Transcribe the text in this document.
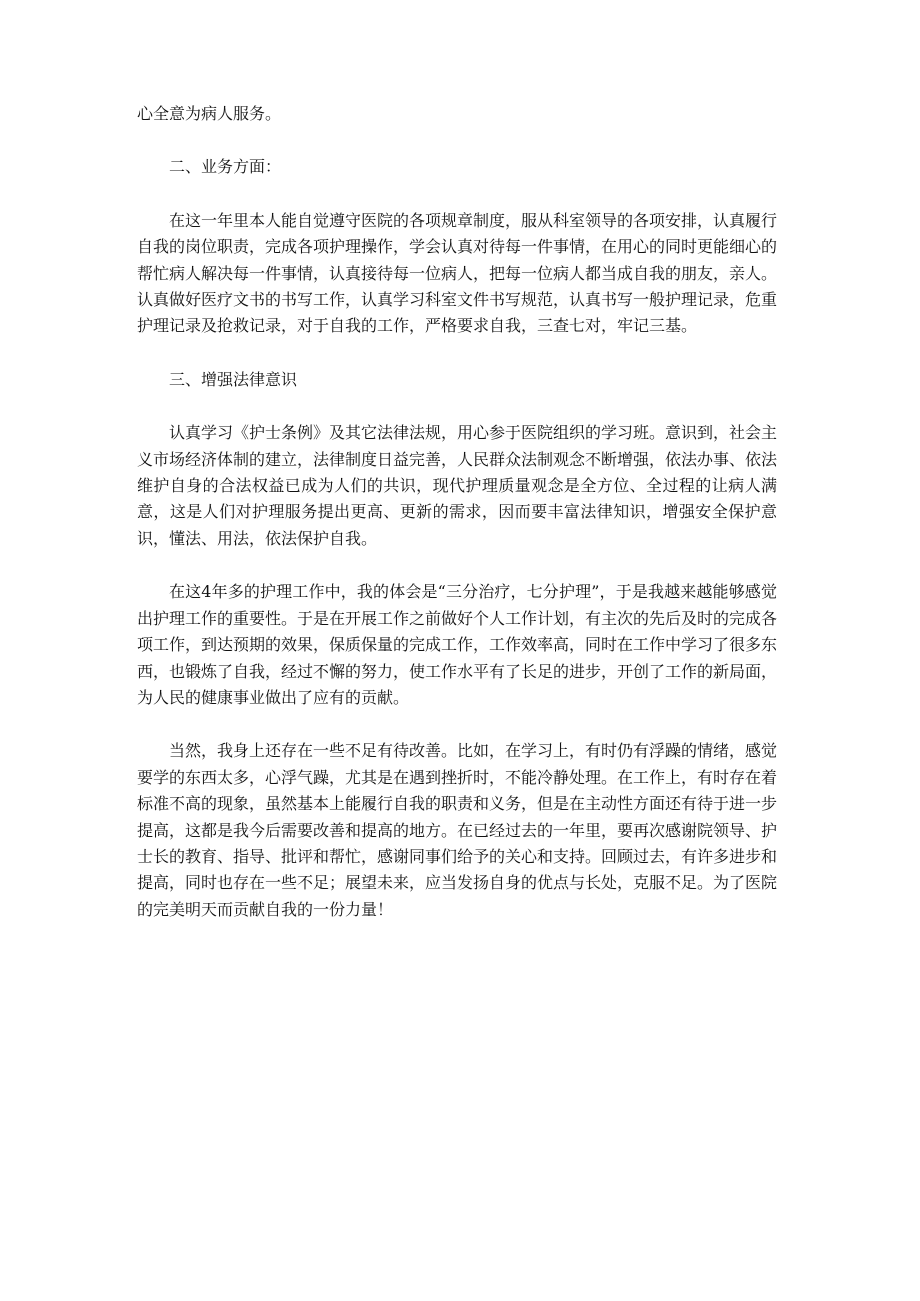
心全意为病人服务。

二、业务方面：

在这一年里本人能自觉遵守医院的各项规章制度，服从科室领导的各项安排，认真履行自我的岗位职责，完成各项护理操作，学会认真对待每一件事情，在用心的同时更能细心的帮忙病人解决每一件事情，认真接待每一位病人，把每一位病人都当成自我的朋友，亲人。认真做好医疗文书的书写工作，认真学习科室文件书写规范，认真书写一般护理记录，危重护理记录及抢救记录，对于自我的工作，严格要求自我，三查七对，牢记三基。

三、增强法律意识

认真学习《护士条例》及其它法律法规，用心参于医院组织的学习班。意识到，社会主义市场经济体制的建立，法律制度日益完善，人民群众法制观念不断增强，依法办事、依法维护自身的合法权益已成为人们的共识，现代护理质量观念是全方位、全过程的让病人满意，这是人们对护理服务提出更高、更新的需求，因而要丰富法律知识，增强安全保护意识，懂法、用法，依法保护自我。

在这4年多的护理工作中，我的体会是“三分治疗，七分护理”，于是我越来越能够感觉出护理工作的重要性。于是在开展工作之前做好个人工作计划，有主次的先后及时的完成各项工作，到达预期的效果，保质保量的完成工作，工作效率高，同时在工作中学习了很多东西，也锻炼了自我，经过不懈的努力，使工作水平有了长足的进步，开创了工作的新局面，为人民的健康事业做出了应有的贡献。

当然，我身上还存在一些不足有待改善。比如，在学习上，有时仍有浮躁的情绪，感觉要学的东西太多，心浮气躁，尤其是在遇到挫折时，不能冷静处理。在工作上，有时存在着标准不高的现象，虽然基本上能履行自我的职责和义务，但是在主动性方面还有待于进一步提高，这都是我今后需要改善和提高的地方。在已经过去的一年里，要再次感谢院领导、护士长的教育、指导、批评和帮忙，感谢同事们给予的关心和支持。回顾过去，有许多进步和提高，同时也存在一些不足；展望未来，应当发扬自身的优点与长处，克服不足。为了医院的完美明天而贡献自我的一份力量！
